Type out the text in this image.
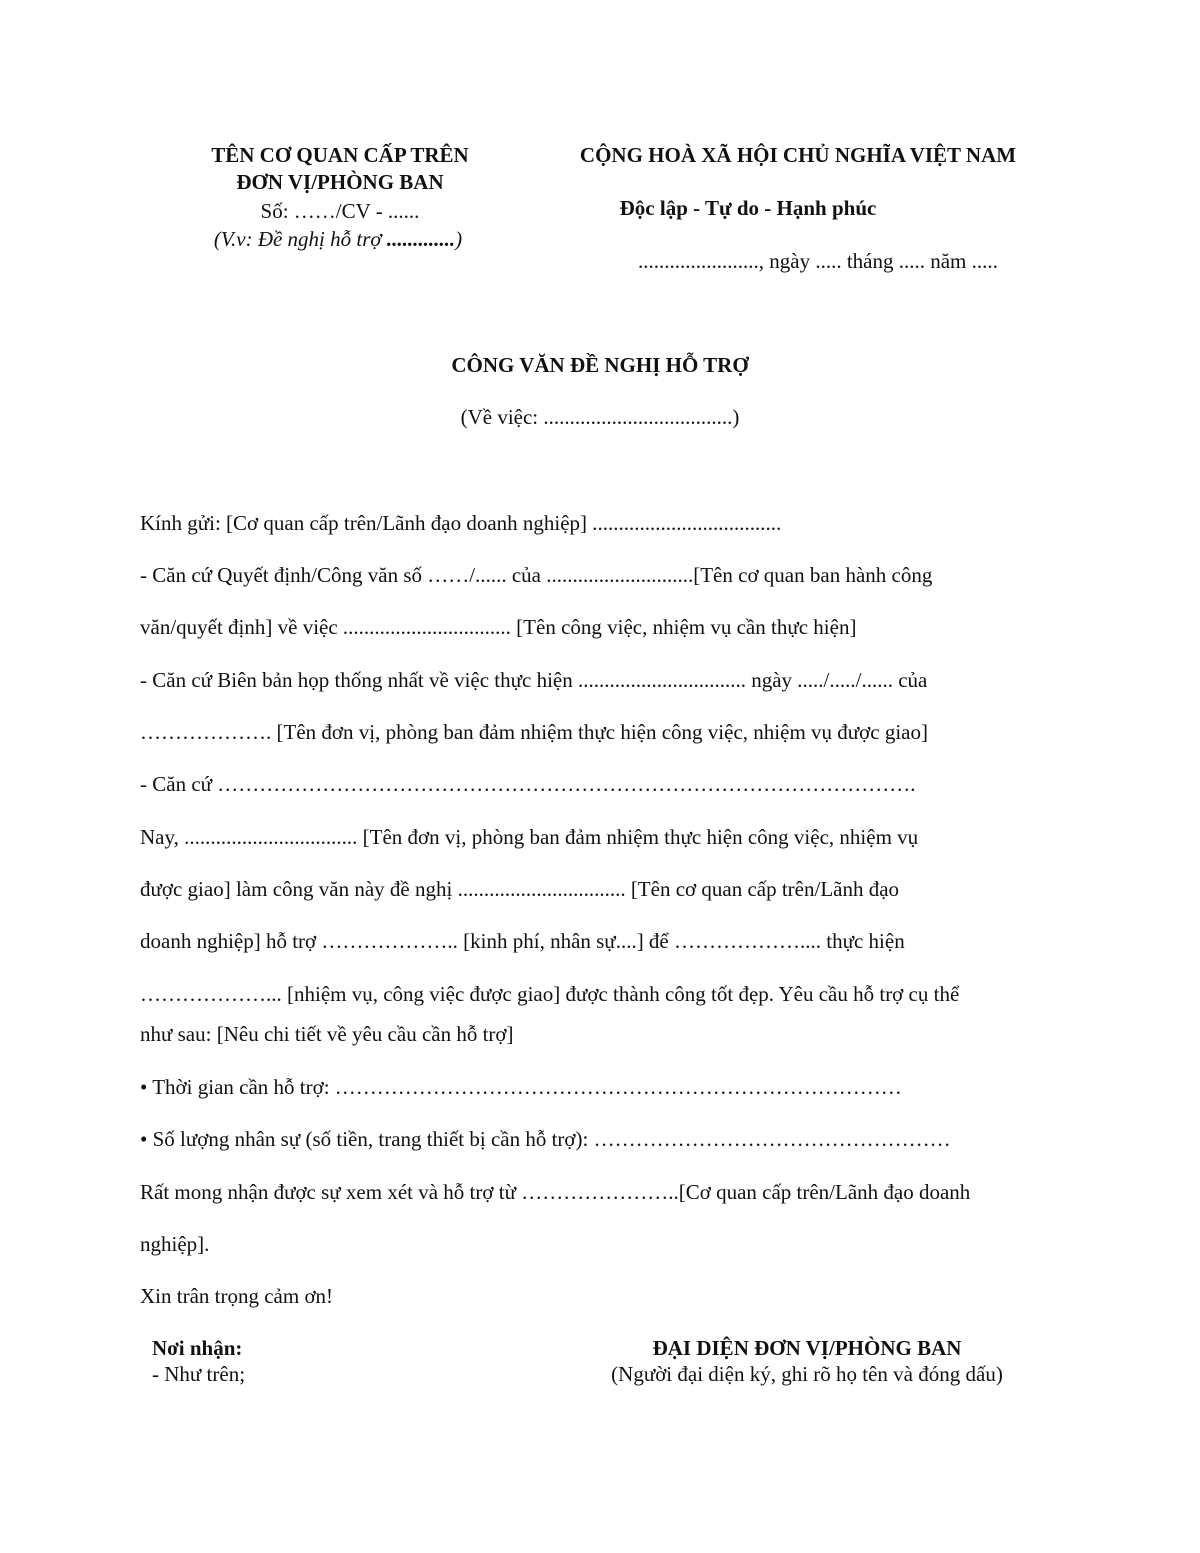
TÊN CƠ QUAN CẤP TRÊN
ĐƠN VỊ/PHÒNG BAN
Số: ……/CV - ......
(V.v: Đề nghị hỗ trợ .............)
CỘNG HOÀ XÃ HỘI CHỦ NGHĨA VIỆT NAM
Độc lập - Tự do - Hạnh phúc
......................., ngày ..... tháng ..... năm .....
CÔNG VĂN ĐỀ NGHỊ HỖ TRỢ
(Về việc: ....................................)
Kính gửi: [Cơ quan cấp trên/Lãnh đạo doanh nghiệp] ....................................
- Căn cứ Quyết định/Công văn số ……/...... của ............................[Tên cơ quan ban hành công
văn/quyết định] về việc ................................ [Tên công việc, nhiệm vụ cần thực hiện]
- Căn cứ Biên bản họp thống nhất về việc thực hiện ................................ ngày ...../...../...... của
………………. [Tên đơn vị, phòng ban đảm nhiệm thực hiện công việc, nhiệm vụ được giao]
- Căn cứ ……………………………………………………………………………………….
Nay, ................................. [Tên đơn vị, phòng ban đảm nhiệm thực hiện công việc, nhiệm vụ
được giao] làm công văn này đề nghị ................................ [Tên cơ quan cấp trên/Lãnh đạo
doanh nghiệp] hỗ trợ ……………….. [kinh phí, nhân sự....] để ……………….... thực hiện
………………... [nhiệm vụ, công việc được giao] được thành công tốt đẹp. Yêu cầu hỗ trợ cụ thể
như sau: [Nêu chi tiết về yêu cầu cần hỗ trợ]
• Thời gian cần hỗ trợ: ………………………………………………………………………
• Số lượng nhân sự (số tiền, trang thiết bị cần hỗ trợ): ……………………………………………
Rất mong nhận được sự xem xét và hỗ trợ từ …………………..[Cơ quan cấp trên/Lãnh đạo doanh
nghiệp].
Xin trân trọng cảm ơn!
Nơi nhận:
- Như trên;
ĐẠI DIỆN ĐƠN VỊ/PHÒNG BAN
(Người đại diện ký, ghi rõ họ tên và đóng dấu)
